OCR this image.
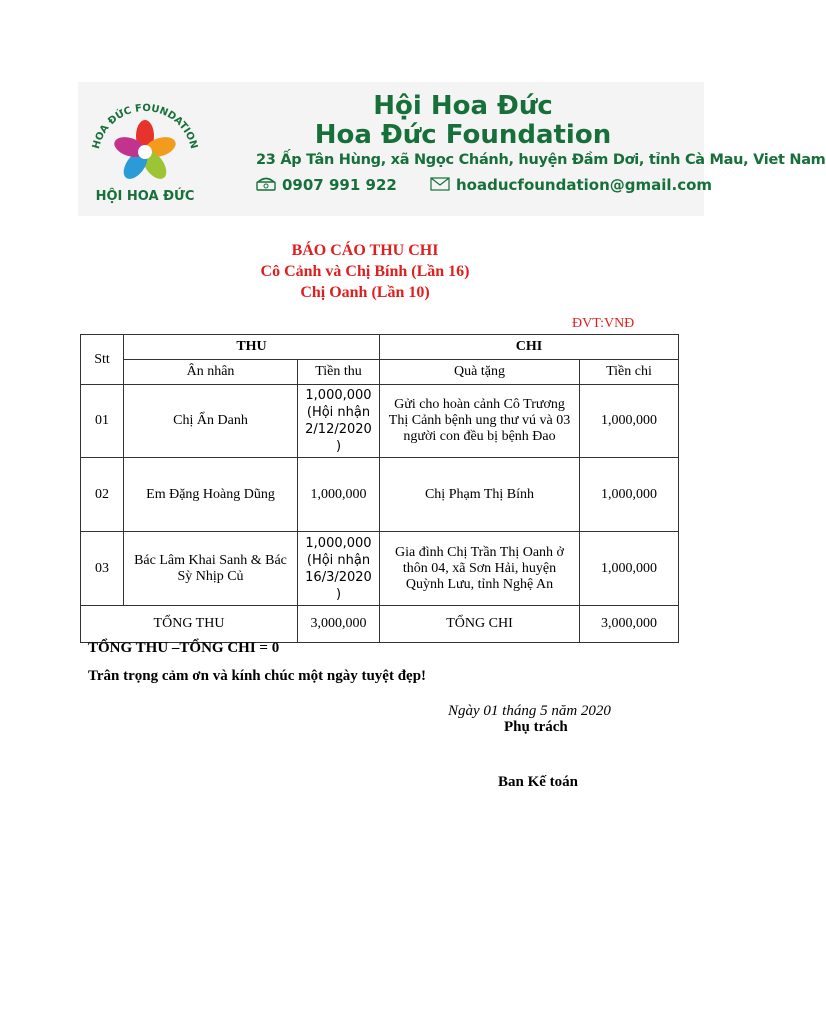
HOA ĐỨC FOUNDATION
HỘI HOA ĐỨC
Hội Hoa Đức
Hoa Đức Foundation
23 Ấp Tân Hùng, xã Ngọc Chánh, huyện Đầm Dơi, tỉnh Cà Mau, Viet Nam
0907 991 922	hoaducfoundation@gmail.com
BÁO CÁO THU CHI
Cô Cảnh và Chị Bính (Lần 16)
Chị Oanh (Lần 10)
ĐVT:VNĐ
Stt	THU		CHI	
	Ân nhân	Tiền thu	Quà tặng	Tiền chi
01	Chị Ẩn Danh	1,000,000 (Hội nhận 2/12/2020 )	Gửi cho hoàn cảnh Cô Trương Thị Cảnh bệnh ung thư vú và 03 người con đều bị bệnh Đao	1,000,000
02	Em Đặng Hoàng Dũng	1,000,000	Chị Phạm Thị Bính	1,000,000
03	Bác Lâm Khai Sanh & Bác Sỳ Nhịp Củ	1,000,000 (Hội nhận 16/3/2020 )	Gia đình Chị Trần Thị Oanh ở thôn 04, xã Sơn Hải, huyện Quỳnh Lưu, tỉnh Nghệ An	1,000,000
TỔNG THU		3,000,000	TỔNG CHI	3,000,000
TỔNG THU –TỔNG CHI = 0
Trân trọng cảm ơn và kính chúc một ngày tuyệt đẹp!
Ngày 01 tháng 5 năm 2020
Phụ trách
Ban Kế toán
